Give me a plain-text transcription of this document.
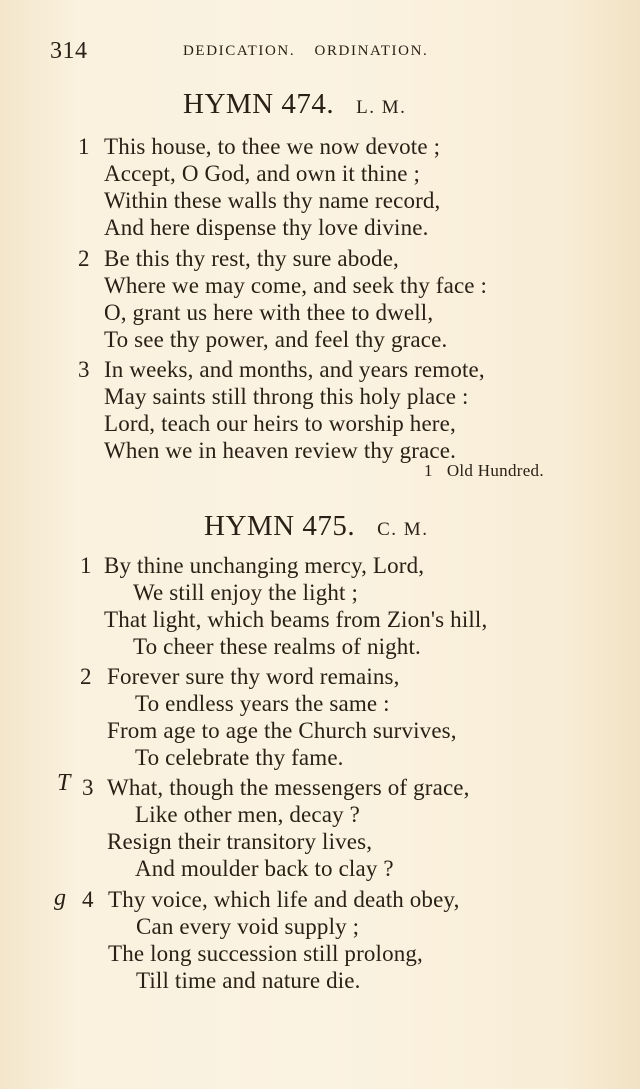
314	DEDICATION. ORDINATION.
HYMN 474. L. M.
1 This house, to thee we now devote ;
Accept, O God, and own it thine ;
Within these walls thy name record,
And here dispense thy love divine.
2 Be this thy rest, thy sure abode,
Where we may come, and seek thy face :
O, grant us here with thee to dwell,
To see thy power, and feel thy grace.
3 In weeks, and months, and years remote,
May saints still throng this holy place :
Lord, teach our heirs to worship here,
When we in heaven review thy grace.
1 Old Hundred.
HYMN 475. C. M.
1 By thine unchanging mercy, Lord,
We still enjoy the light ;
That light, which beams from Zion's hill,
To cheer these realms of night.
2 Forever sure thy word remains,
To endless years the same :
From age to age the Church survives,
To celebrate thy fame.
T 3 What, though the messengers of grace,
Like other men, decay ?
Resign their transitory lives,
And moulder back to clay ?
g 4 Thy voice, which life and death obey,
Can every void supply ;
The long succession still prolong,
Till time and nature die.
